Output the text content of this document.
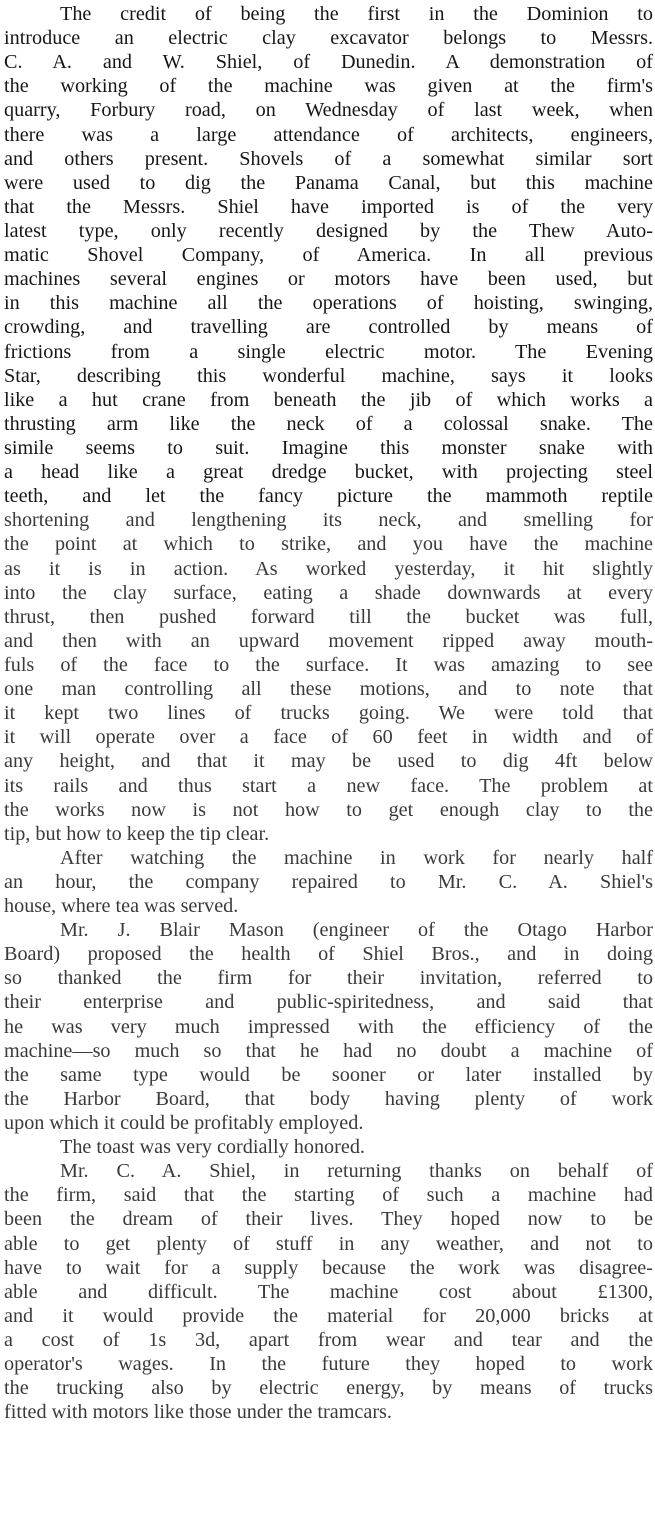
The credit of being the first in the Dominion to
introduce an electric clay excavator belongs to Messrs.
C. A. and W. Shiel, of Dunedin. A demonstration of
the working of the machine was given at the firm's
quarry, Forbury road, on Wednesday of last week, when
there was a large attendance of architects, engineers,
and others present. Shovels of a somewhat similar sort
were used to dig the Panama Canal, but this machine
that the Messrs. Shiel have imported is of the very
latest type, only recently designed by the Thew Auto-
matic Shovel Company, of America. In all previous
machines several engines or motors have been used, but
in this machine all the operations of hoisting, swinging,
crowding, and travelling are controlled by means of
frictions from a single electric motor. The Evening
Star, describing this wonderful machine, says it looks
like a hut crane from beneath the jib of which works a
thrusting arm like the neck of a colossal snake. The
simile seems to suit. Imagine this monster snake with
a head like a great dredge bucket, with projecting steel
teeth, and let the fancy picture the mammoth reptile
shortening and lengthening its neck, and smelling for
the point at which to strike, and you have the machine
as it is in action. As worked yesterday, it hit slightly
into the clay surface, eating a shade downwards at every
thrust, then pushed forward till the bucket was full,
and then with an upward movement ripped away mouth-
fuls of the face to the surface. It was amazing to see
one man controlling all these motions, and to note that
it kept two lines of trucks going. We were told that
it will operate over a face of 60 feet in width and of
any height, and that it may be used to dig 4ft below
its rails and thus start a new face. The problem at
the works now is not how to get enough clay to the
tip, but how to keep the tip clear.
After watching the machine in work for nearly half
an hour, the company repaired to Mr. C. A. Shiel's
house, where tea was served.
Mr. J. Blair Mason (engineer of the Otago Harbor
Board) proposed the health of Shiel Bros., and in doing
so thanked the firm for their invitation, referred to
their enterprise and public-spiritedness, and said that
he was very much impressed with the efficiency of the
machine—so much so that he had no doubt a machine of
the same type would be sooner or later installed by
the Harbor Board, that body having plenty of work
upon which it could be profitably employed.
The toast was very cordially honored.
Mr. C. A. Shiel, in returning thanks on behalf of
the firm, said that the starting of such a machine had
been the dream of their lives. They hoped now to be
able to get plenty of stuff in any weather, and not to
have to wait for a supply because the work was disagree-
able and difficult. The machine cost about £1300,
and it would provide the material for 20,000 bricks at
a cost of 1s 3d, apart from wear and tear and the
operator's wages. In the future they hoped to work
the trucking also by electric energy, by means of trucks
fitted with motors like those under the tramcars.
